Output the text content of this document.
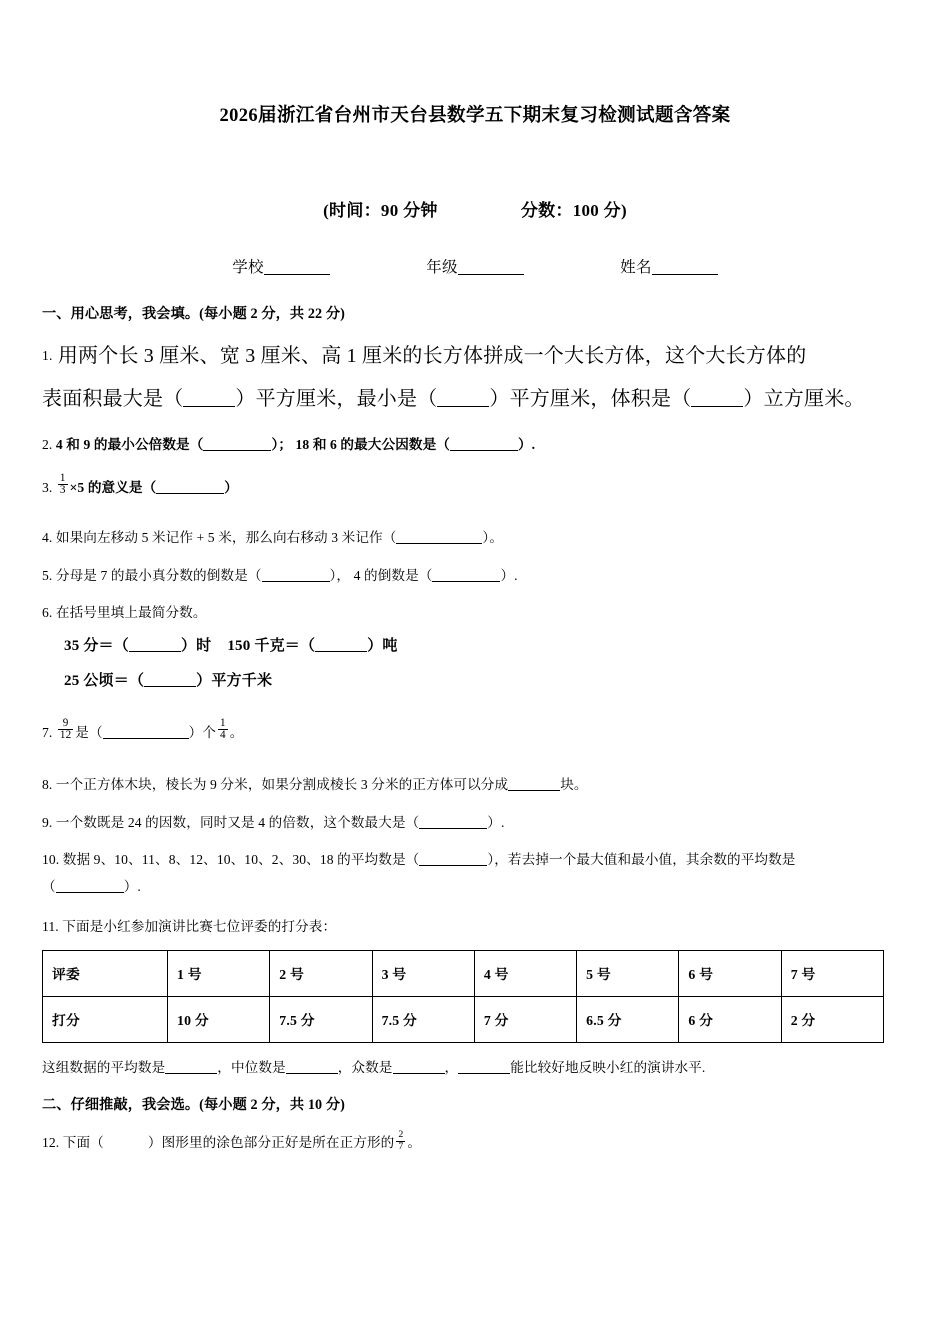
2026届浙江省台州市天台县数学五下期末复习检测试题含答案
(时间：90 分钟	分数：100 分)
学校	年级	姓名
一、用心思考，我会填。(每小题 2 分，共 22 分)
1. 用两个长 3 厘米、宽 3 厘米、高 1 厘米的长方体拼成一个大长方体，这个大长方体的
表面积最大是（	）平方厘米，最小是（	）平方厘米，体积是（	）立方厘米。
2. 4 和 9 的最小公倍数是（	）； 18 和 6 的最大公因数是（	）.
3. $\frac{1}{3} \times 5$ 的意义是（	）
4. 如果向左移动 5 米记作 + 5 米，那么向右移动 3 米记作（	）。
5. 分母是 7 的最小真分数的倒数是（	）， 4 的倒数是（	）.
6. 在括号里填上最简分数。
35 分＝（	）时 150 千克＝（	）吨
25 公顷＝（	）平方千米
7. $\frac{9}{12}$ 是（	）个 $\frac{1}{4}$ 。
8. 一个正方体木块，棱长为 9 分米，如果分割成棱长 3 分米的正方体可以分成	块。
9. 一个数既是 24 的因数，同时又是 4 的倍数，这个数最大是（	）.
10. 数据 9、10、11、8、12、10、10、2、30、18 的平均数是（	），若去掉一个最大值和最小值，其余数的平均数是
（	）.
11. 下面是小红参加演讲比赛七位评委的打分表：
评委	1 号	2 号	3 号	4 号	5 号	6 号	7 号
打分	10 分	7.5 分	7.5 分	7 分	6.5 分	6 分	2 分
这组数据的平均数是	，中位数是	，众数是	，	能比较好地反映小红的演讲水平.
二、仔细推敲，我会选。(每小题 2 分，共 10 分)
12. 下面（	）图形里的涂色部分正好是所在正方形的 $\frac{2}{7}$ 。
